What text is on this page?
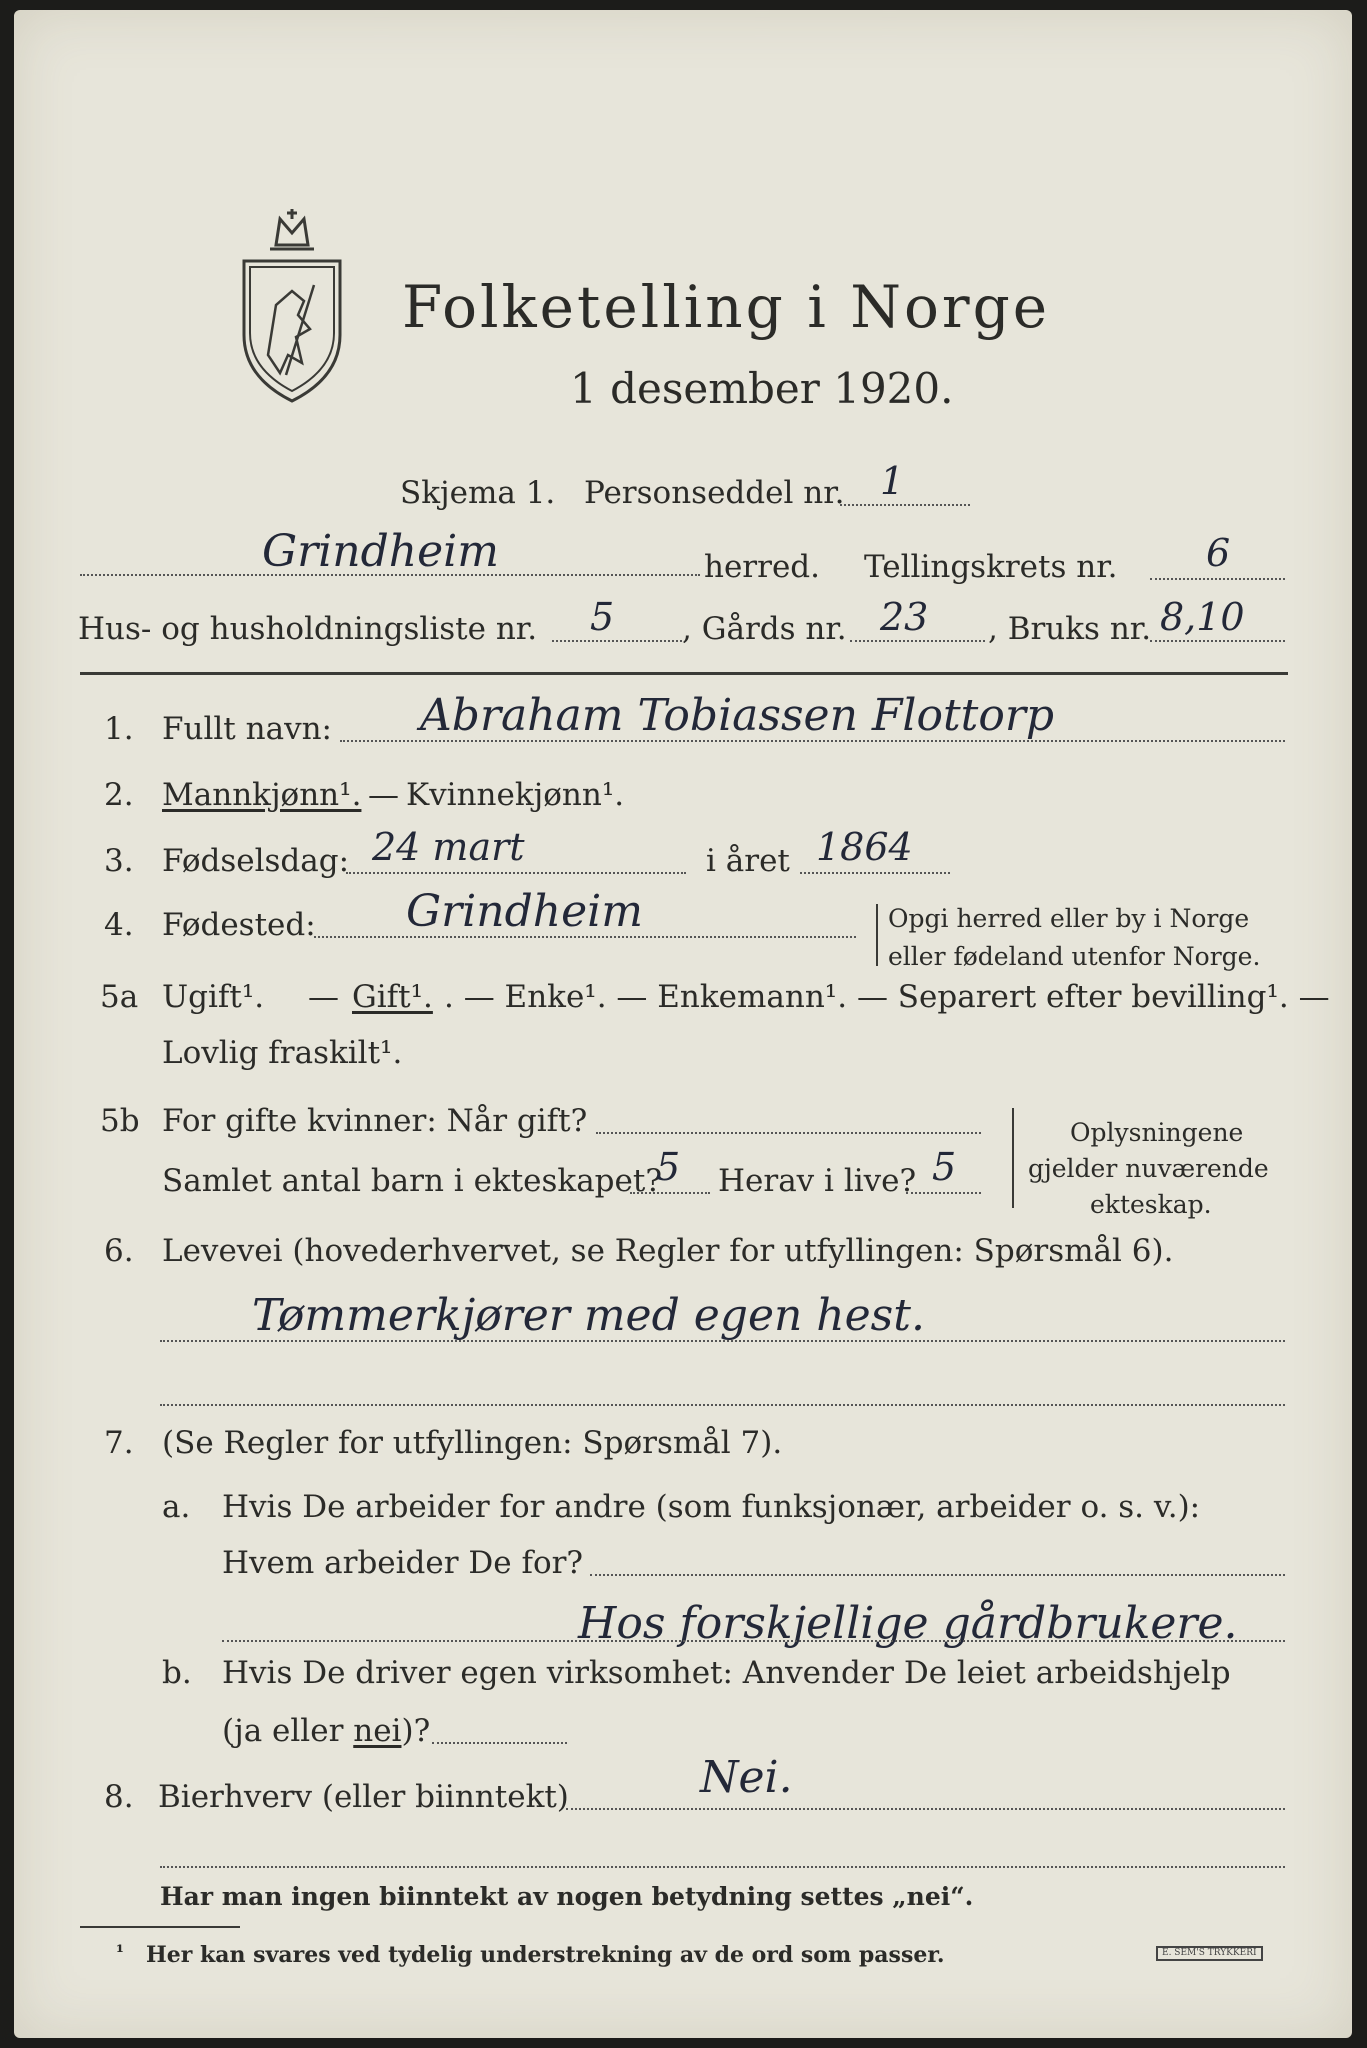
Folketelling i Norge
1 desember 1920.
Skjema 1. Personseddel nr. 1
Grindheim	herred. Tellingskrets nr. 6
Hus- og husholdningsliste nr. 5 , Gårds nr. 23 , Bruks nr. 8,10
1. Fullt navn: Abraham Tobiassen Flottorp
2. Mannkjønn¹. — Kvinnekjønn¹.
3. Fødselsdag: 24 mart	i året 1864
4. Fødested: Grindheim	Opgi herred eller by i Norge
eller fødeland utenfor Norge.
5a Ugift¹. — Gift¹. . — Enke¹. — Enkemann¹. — Separert efter bevilling¹. —
Lovlig fraskilt¹.
5b For gifte kvinner: Når gift?
Samlet antal barn i ekteskapet?
5 Herav i live? 5
Oplysningene
gjelder nuværende
ekteskap.
6. Levevei (hovederhvervet, se Regler for utfyllingen: Spørsmål 6).
Tømmerkjører med egen hest.
7. (Se Regler for utfyllingen: Spørsmål 7).
a. Hvis De arbeider for andre (som funksjonær, arbeider o. s. v.):
Hvem arbeider De for?
Hos forskjellige gårdbrukere.
b. Hvis De driver egen virksomhet: Anvender De leiet arbeidshjelp
(ja eller nei)?
8. Bierhverv (eller biinntekt)	Nei.
Har man ingen biinntekt av nogen betydning settes „nei“.
¹ Her kan svares ved tydelig understrekning av de ord som passer.	E. SEM'S TRYKKERI
